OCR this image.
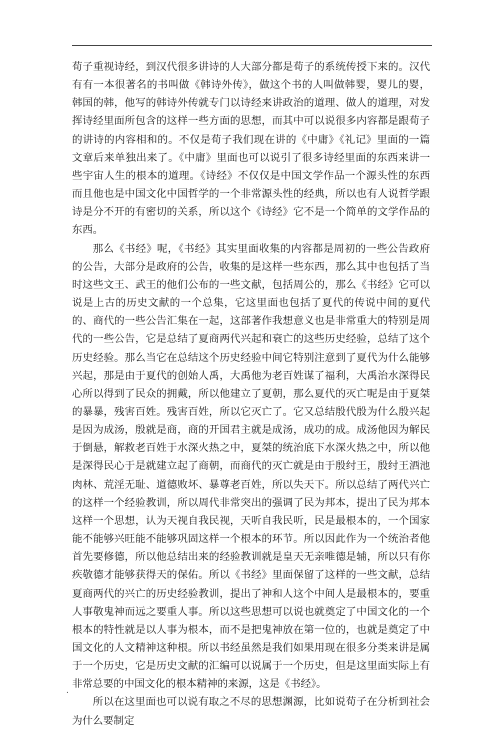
荀子重视诗经，到汉代很多讲诗的人大部分都是荀子的系统传授下来的。汉代有有一本很著名的书叫做《韩诗外传》，做这个书的人叫做韩婴，婴儿的婴，韩国的韩，他写的韩诗外传就专门以诗经来讲政治的道理、做人的道理，对发挥诗经里面所包含的这样一些方面的思想，而其中可以说很多内容都是跟荀子的讲诗的内容相和的。不仅是荀子我们现在讲的《中庸》《礼记》里面的一篇文章后来单独出来了。《中庸》里面也可以说引了很多诗经里面的东西来讲一些宇宙人生的根本的道理。《诗经》不仅仅是中国文学作品一个源头性的东西而且他也是中国文化中国哲学的一个非常源头性的经典，所以也有人说哲学跟诗是分不开的有密切的关系，所以这个《诗经》它不是一个简单的文学作品的东西。

那么《书经》呢，《书经》其实里面收集的内容都是周初的一些公告政府的公告，大部分是政府的公告，收集的是这样一些东西，那么其中也包括了当时这些文王、武王的他们公布的一些文献，包括周公的，那么《书经》它可以说是上古的历史文献的一个总集，它这里面也包括了夏代的传说中间的夏代的、商代的一些公告汇集在一起，这部著作我想意义也是非常重大的特别是周代的一些公告，它是总结了夏商两代兴起和衰亡的这些历史经验，总结了这个历史经验。那么当它在总结这个历史经验中间它特别注意到了夏代为什么能够兴起，那是由于夏代的创始人禹，大禹他为老百姓谋了福利，大禹治水深得民心所以得到了民众的拥戴，所以他建立了夏朝，那么夏代的灭亡呢是由于夏桀的暴暴，残害百姓。残害百姓，所以它灭亡了。它又总结殷代殷为什么殷兴起是因为成汤，殷就是商，商的开国君主就是成汤，成功的成。成汤他因为解民于倒悬，解救老百姓于水深火热之中，夏桀的统治底下水深火热之中，所以他是深得民心于是就建立起了商朝，而商代的灭亡就是由于殷纣王，殷纣王酒池肉林、荒淫无耻、道德败坏、暴尊老百姓，所以失天下。所以总结了两代兴亡的这样一个经验教训，所以周代非常突出的强调了民为邦本，提出了民为邦本这样一个思想，认为天视自我民视，天听自我民听，民是最根本的，一个国家能不能够兴旺能不能够巩固这样一个根本的环节。所以因此作为一个统治者他首先要修德，所以他总结出来的经验教训就是皇天无亲唯德是辅，所以只有你疾敬德才能够获得天的保佑。所以《书经》里面保留了这样的一些文献，总结夏商两代的兴亡的历史经验教训，提出了神和人这个中间人是最根本的，要重人事敬鬼神而远之要重人事。所以这些思想可以说也就奠定了中国文化的一个根本的特性就是以人事为根本，而不是把鬼神放在第一位的，也就是奠定了中国文化的人文精神这种根。所以书经虽然是我们如果用现在很多分类来讲是属于一个历史，它是历史文献的汇编可以说属于一个历史，但是这里面实际上有非常总要的中国文化的根本精神的来源，这是《书经》。

所以在这里面也可以说有取之不尽的思想渊源，比如说荀子在分析到社会为什么要制定

.
